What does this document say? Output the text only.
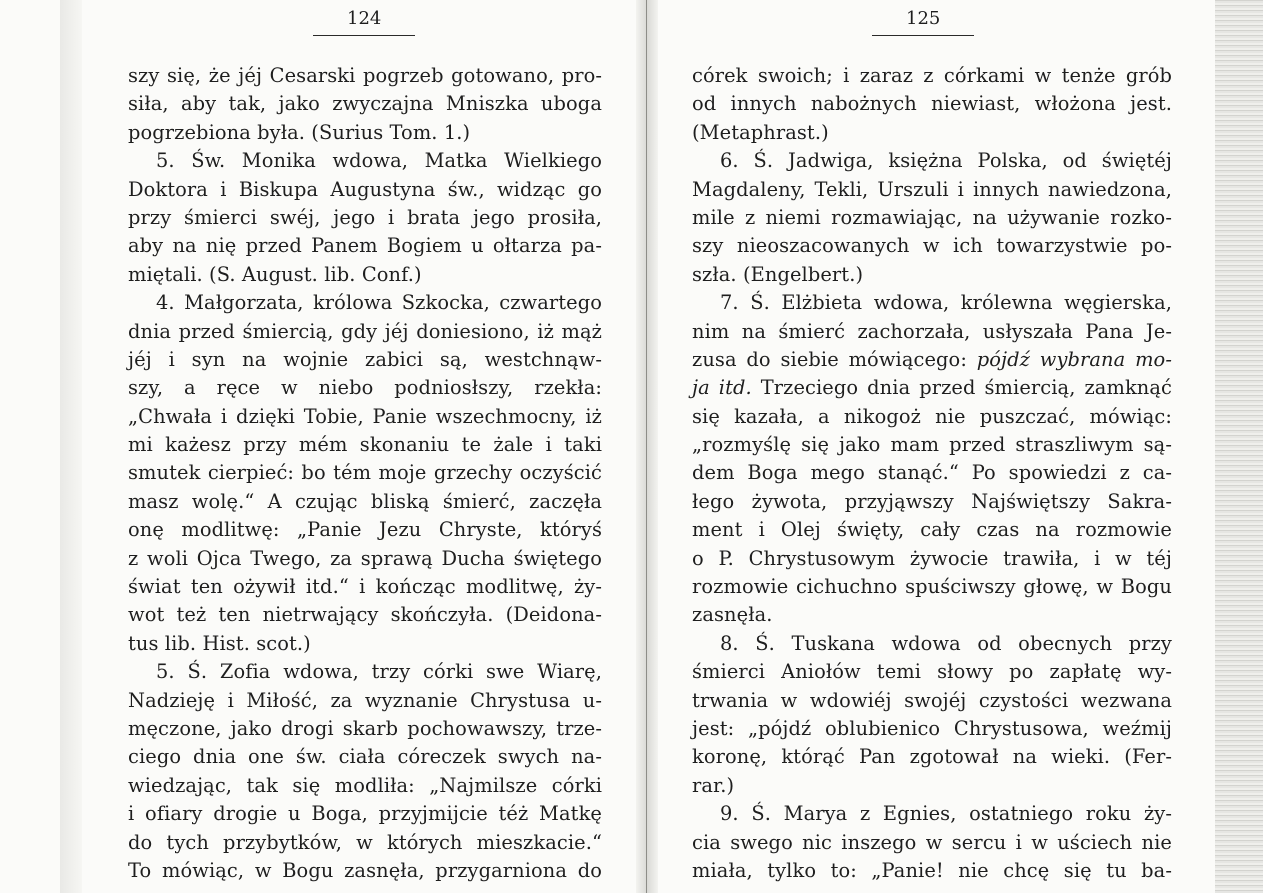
124
szy się, że jéj Cesarski pogrzeb gotowano, pro-
siła, aby tak, jako zwyczajna Mniszka uboga
pogrzebiona była. (Surius Tom. 1.)
5. Św. Monika wdowa, Matka Wielkiego
Doktora i Biskupa Augustyna św., widząc go
przy śmierci swéj, jego i brata jego prosiła,
aby na nię przed Panem Bogiem u ołtarza pa-
miętali. (S. August. lib. Conf.)
4. Małgorzata, królowa Szkocka, czwartego
dnia przed śmiercią, gdy jéj doniesiono, iż mąż
jéj i syn na wojnie zabici są, westchnąw-
szy, a ręce w niebo podniosłszy, rzekła:
„Chwała i dzięki Tobie, Panie wszechmocny, iż
mi każesz przy mém skonaniu te żale i taki
smutek cierpieć: bo tém moje grzechy oczyścić
masz wolę.“ A czując bliską śmierć, zaczęła
onę modlitwę: „Panie Jezu Chryste, któryś
z woli Ojca Twego, za sprawą Ducha świętego
świat ten ożywił itd.“ i kończąc modlitwę, ży-
wot też ten nietrwający skończyła. (Deidona-
tus lib. Hist. scot.)
5. Ś. Zofia wdowa, trzy córki swe Wiarę,
Nadzieję i Miłość, za wyznanie Chrystusa u-
męczone, jako drogi skarb pochowawszy, trze-
ciego dnia one św. ciała córeczek swych na-
wiedzając, tak się modliła: „Najmilsze córki
i ofiary drogie u Boga, przyjmijcie téż Matkę
do tych przybytków, w których mieszkacie.“
To mówiąc, w Bogu zasnęła, przygarniona do
125
córek swoich; i zaraz z córkami w tenże grób
od innych nabożnych niewiast, włożona jest.
(Metaphrast.)
6. Ś. Jadwiga, księżna Polska, od świętéj
Magdaleny, Tekli, Urszuli i innych nawiedzona,
mile z niemi rozmawiając, na używanie rozko-
szy nieoszacowanych w ich towarzystwie po-
szła. (Engelbert.)
7. Ś. Elżbieta wdowa, królewna węgierska,
nim na śmierć zachorzała, usłyszała Pana Je-
zusa do siebie mówiącego: pójdź wybrana mo-
ja itd. Trzeciego dnia przed śmiercią, zamknąć
się kazała, a nikogoż nie puszczać, mówiąc:
„rozmyślę się jako mam przed straszliwym są-
dem Boga mego stanąć.“ Po spowiedzi z ca-
łego żywota, przyjąwszy Najświętszy Sakra-
ment i Olej święty, cały czas na rozmowie
o P. Chrystusowym żywocie trawiła, i w téj
rozmowie cichuchno spuściwszy głowę, w Bogu
zasnęła.
8. Ś. Tuskana wdowa od obecnych przy
śmierci Aniołów temi słowy po zapłatę wy-
trwania w wdowiéj swojéj czystości wezwana
jest: „pójdź oblubienico Chrystusowa, weźmij
koronę, którąć Pan zgotował na wieki. (Fer-
rar.)
9. Ś. Marya z Egnies, ostatniego roku ży-
cia swego nic inszego w sercu i w uściech nie
miała, tylko to: „Panie! nie chcę się tu ba-
